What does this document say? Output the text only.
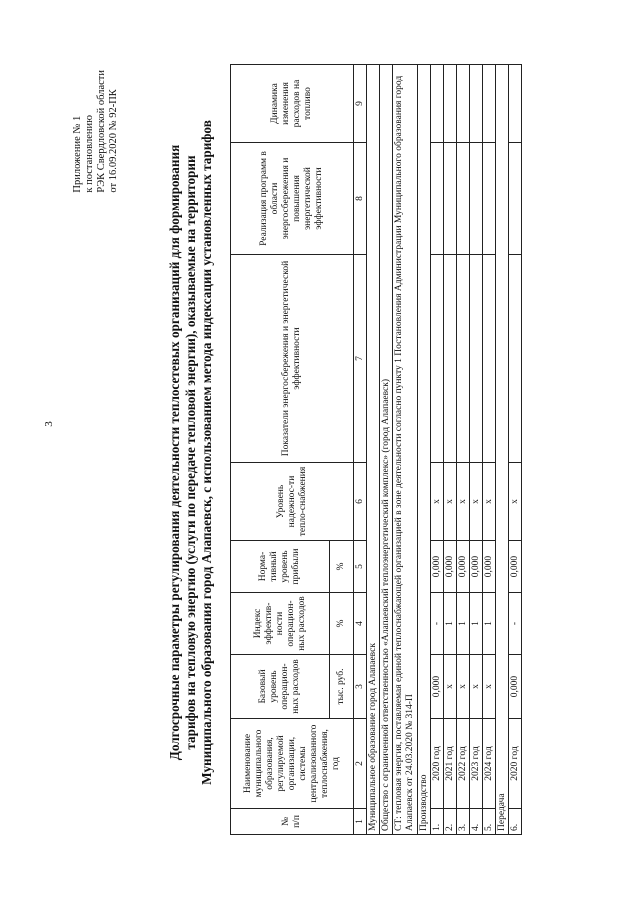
3
Приложение № 1 к постановлению РЭК Свердловской области от 16.09.2020 № 92-ПК
Долгосрочные параметры регулирования деятельности теплосетевых организаций для формирования тарифов на тепловую энергию (услуги по передаче тепловой энергии), оказываемые на территории Муниципального образования город Алапаевск, с использованием метода индексации установленных тарифов
№ п/п	Наименование муниципального образования, регулируемой организации, системы централизованного теплоснабжения, год	Базовый уровень операцион-ных расходов	Индекс эффектив-ности операцион-ных расходов	Норма-тивный уровень прибыли	Уровень надежнос-ти тепло-снабжения	Показатели энергосбережения и энергетической эффективности	Реализация программ в области энергосбережения и повышения энергетической эффективности	Динамика изменения расходов на топливо
		тыс. руб.	%	%				
1	2	3	4	5	6	7	8	9
Муниципальное образование город Алапаевск								
Общество с ограниченной ответственностью «Алапаевский теплоэнергетический комплекс» (город Алапаевск)								
СТ: тепловая энергия, поставляемая единой теплоснабжающей организацией в зоне деятельности согласно пункту 1 Постановления Администрации Муниципального образования город Алапаевск от 24.03.2020 № 314-П								
Производство								
1.	2020 год	0,000	-	0,000	x			
2.	2021 год	x	1	0,000	x			
3.	2022 год	x	1	0,000	x			
4.	2023 год	x	1	0,000	x			
5.	2024 год	x	1	0,000	x			
Передача								
6.	2020 год	0,000	-	0,000	x			
